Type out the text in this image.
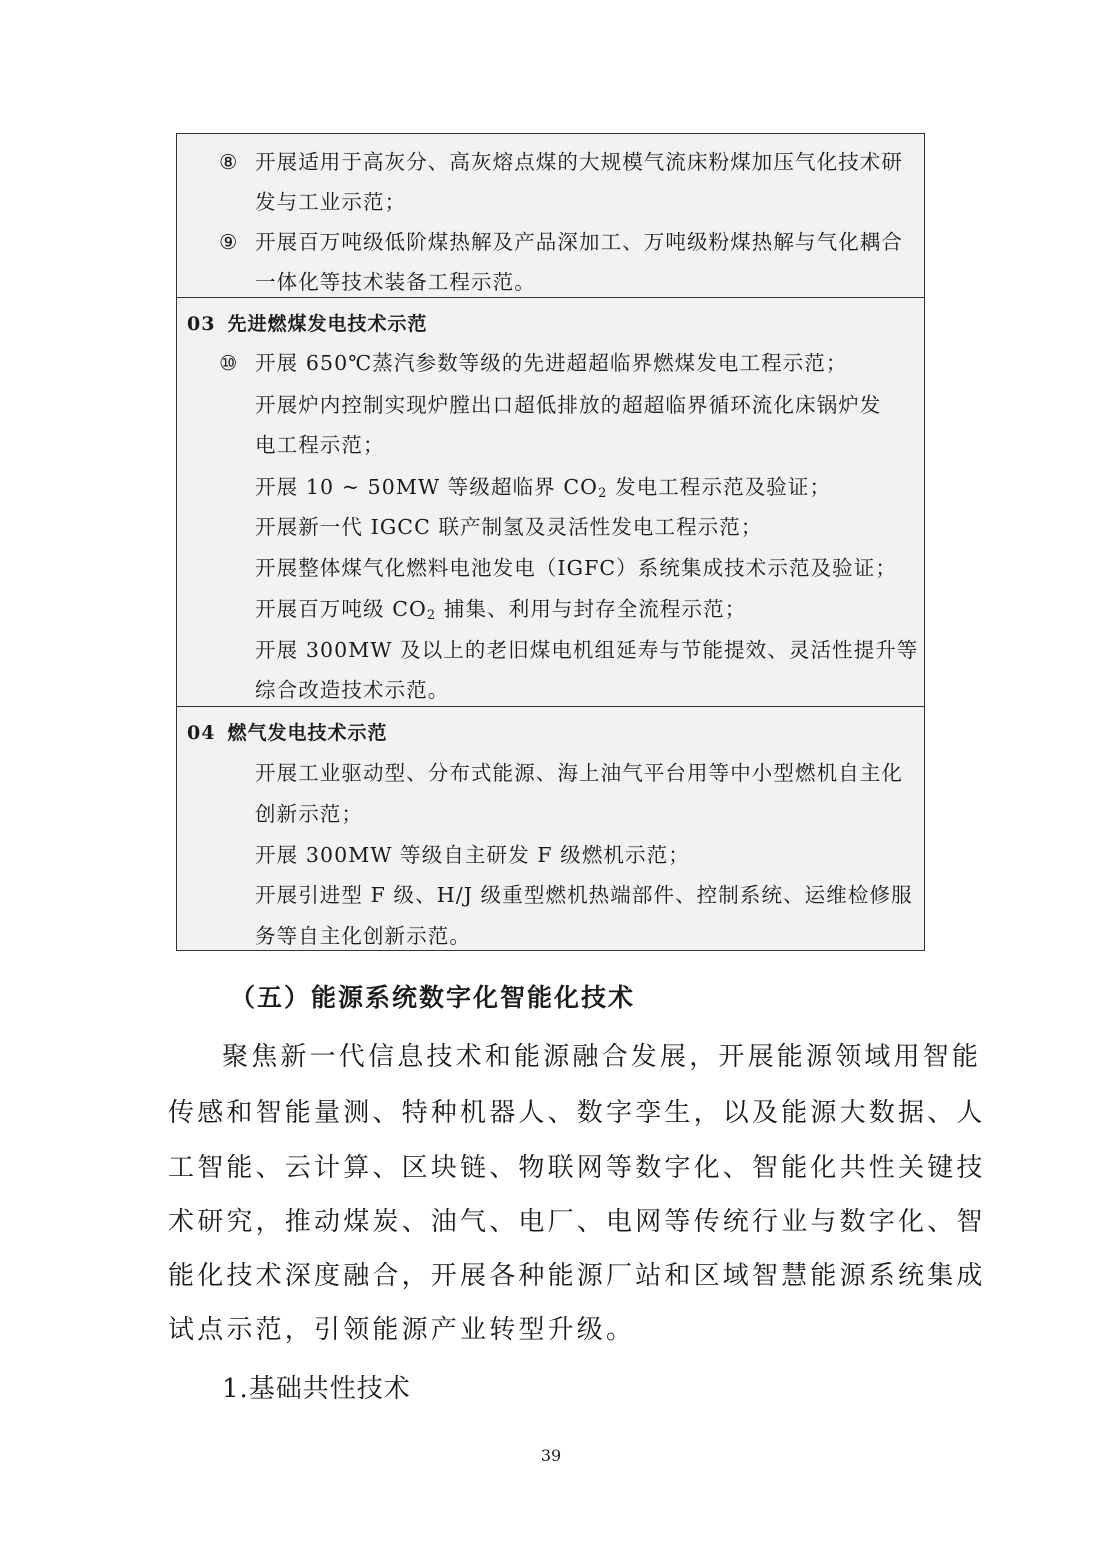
⑧ 开展适用于高灰分、高灰熔点煤的大规模气流床粉煤加压气化技术研
发与工业示范；
⑨ 开展百万吨级低阶煤热解及产品深加工、万吨级粉煤热解与气化耦合
一体化等技术装备工程示范。
03 先进燃煤发电技术示范
⑩ 开展 650℃蒸汽参数等级的先进超超临界燃煤发电工程示范；
开展炉内控制实现炉膛出口超低排放的超超临界循环流化床锅炉发
电工程示范；
开展 10 ~ 50MW 等级超临界 $CO_2$ 发电工程示范及验证；
开展新一代 IGCC 联产制氢及灵活性发电工程示范；
开展整体煤气化燃料电池发电（IGFC）系统集成技术示范及验证；
开展百万吨级 $CO_2$ 捕集、利用与封存全流程示范；
开展 300MW 及以上的老旧煤电机组延寿与节能提效、灵活性提升等
综合改造技术示范。
04 燃气发电技术示范
开展工业驱动型、分布式能源、海上油气平台用等中小型燃机自主化
创新示范；
开展 300MW 等级自主研发 F 级燃机示范；
开展引进型 F 级、H/J 级重型燃机热端部件、控制系统、运维检修服
务等自主化创新示范。
（五）能源系统数字化智能化技术
聚焦新一代信息技术和能源融合发展，开展能源领域用智能
传感和智能量测、特种机器人、数字孪生，以及能源大数据、人
工智能、云计算、区块链、物联网等数字化、智能化共性关键技
术研究，推动煤炭、油气、电厂、电网等传统行业与数字化、智
能化技术深度融合，开展各种能源厂站和区域智慧能源系统集成
试点示范，引领能源产业转型升级。
1.基础共性技术
39
